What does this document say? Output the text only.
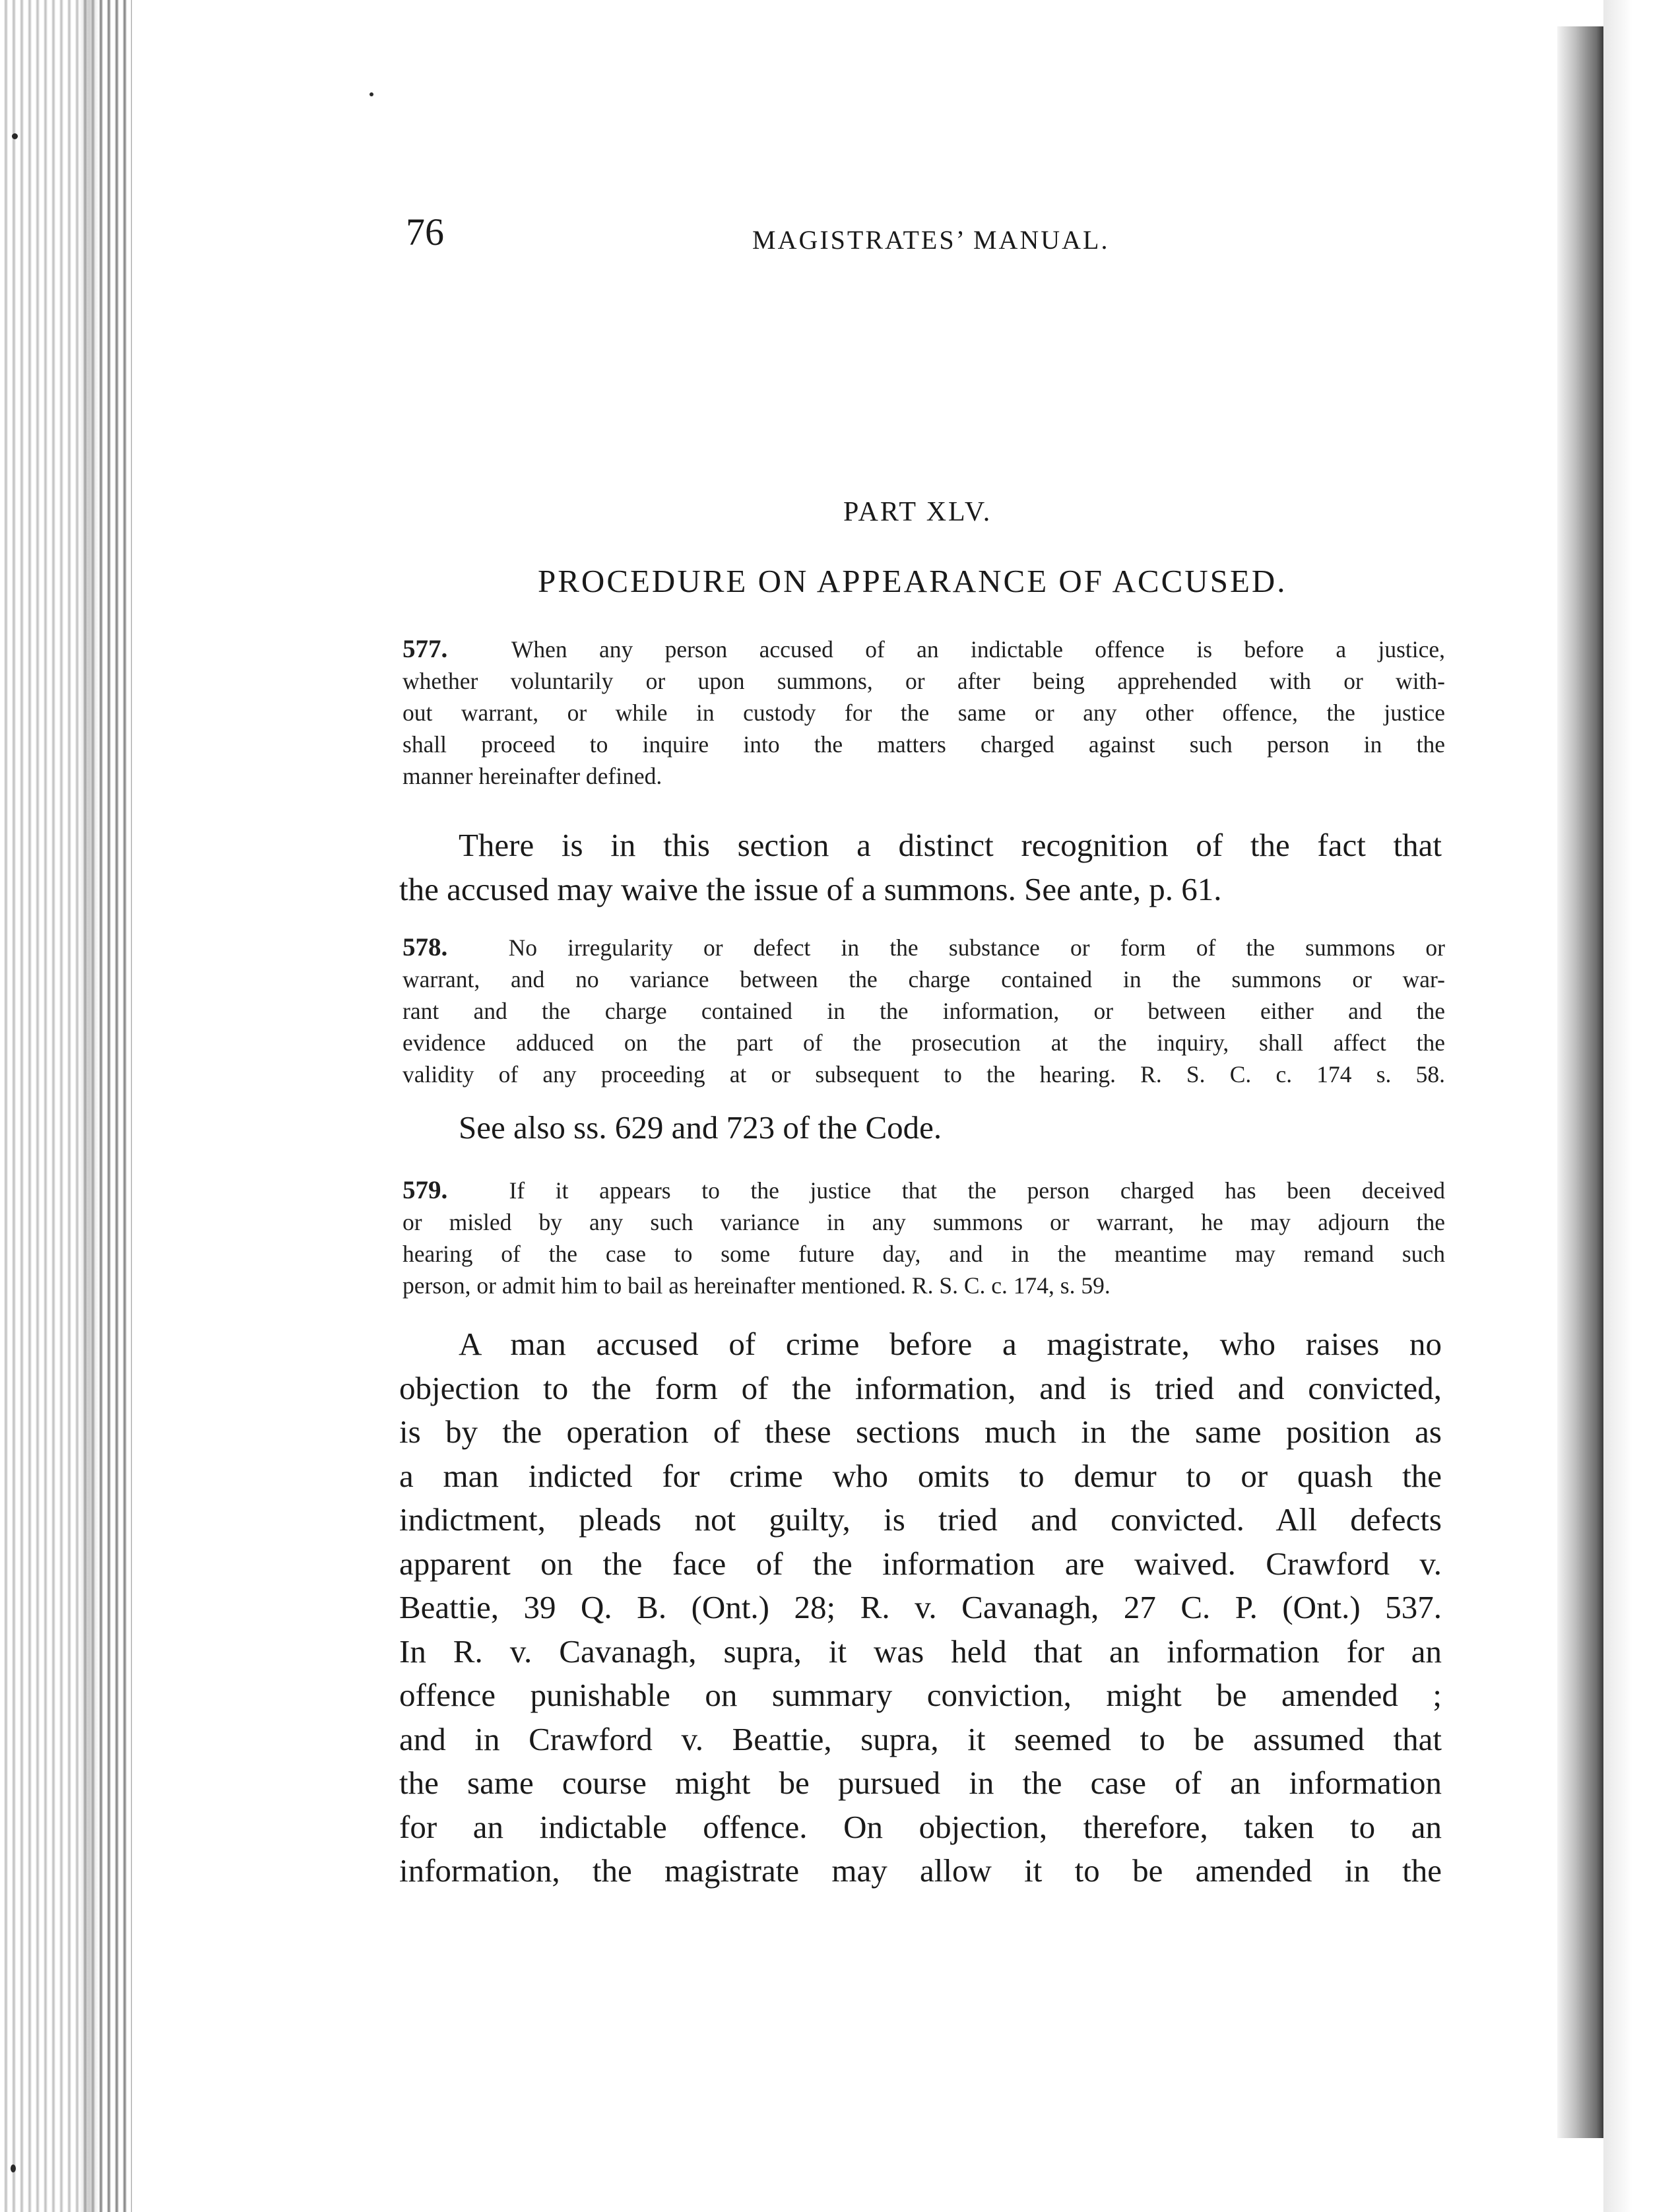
76	MAGISTRATES’ MANUAL.
PART XLV.
PROCEDURE ON APPEARANCE OF ACCUSED.
577.	When any person accused of an indictable offence is before a justice,
whether voluntarily or upon summons, or after being apprehended with or with-
out warrant, or while in custody for the same or any other offence, the justice
shall proceed to inquire into the matters charged against such person in the
manner hereinafter defined.
There is in this section a distinct recognition of the fact that
the accused may waive the issue of a summons. See ante, p. 61.
578.	No irregularity or defect in the substance or form of the summons or
warrant, and no variance between the charge contained in the summons or war-
rant and the charge contained in the information, or between either and the
evidence adduced on the part of the prosecution at the inquiry, shall affect the
validity of any proceeding at or subsequent to the hearing. R. S. C. c. 174 s. 58.
See also ss. 629 and 723 of the Code.
579.	If it appears to the justice that the person charged has been deceived
or misled by any such variance in any summons or warrant, he may adjourn the
hearing of the case to some future day, and in the meantime may remand such
person, or admit him to bail as hereinafter mentioned. R. S. C. c. 174, s. 59.
A man accused of crime before a magistrate, who raises no
objection to the form of the information, and is tried and convicted,
is by the operation of these sections much in the same position as
a man indicted for crime who omits to demur to or quash the
indictment, pleads not guilty, is tried and convicted. All defects
apparent on the face of the information are waived. Crawford v.
Beattie, 39 Q. B. (Ont.) 28; R. v. Cavanagh, 27 C. P. (Ont.) 537.
In R. v. Cavanagh, supra, it was held that an information for an
offence punishable on summary conviction, might be amended ;
and in Crawford v. Beattie, supra, it seemed to be assumed that
the same course might be pursued in the case of an information
for an indictable offence. On objection, therefore, taken to an
information, the magistrate may allow it to be amended in the
